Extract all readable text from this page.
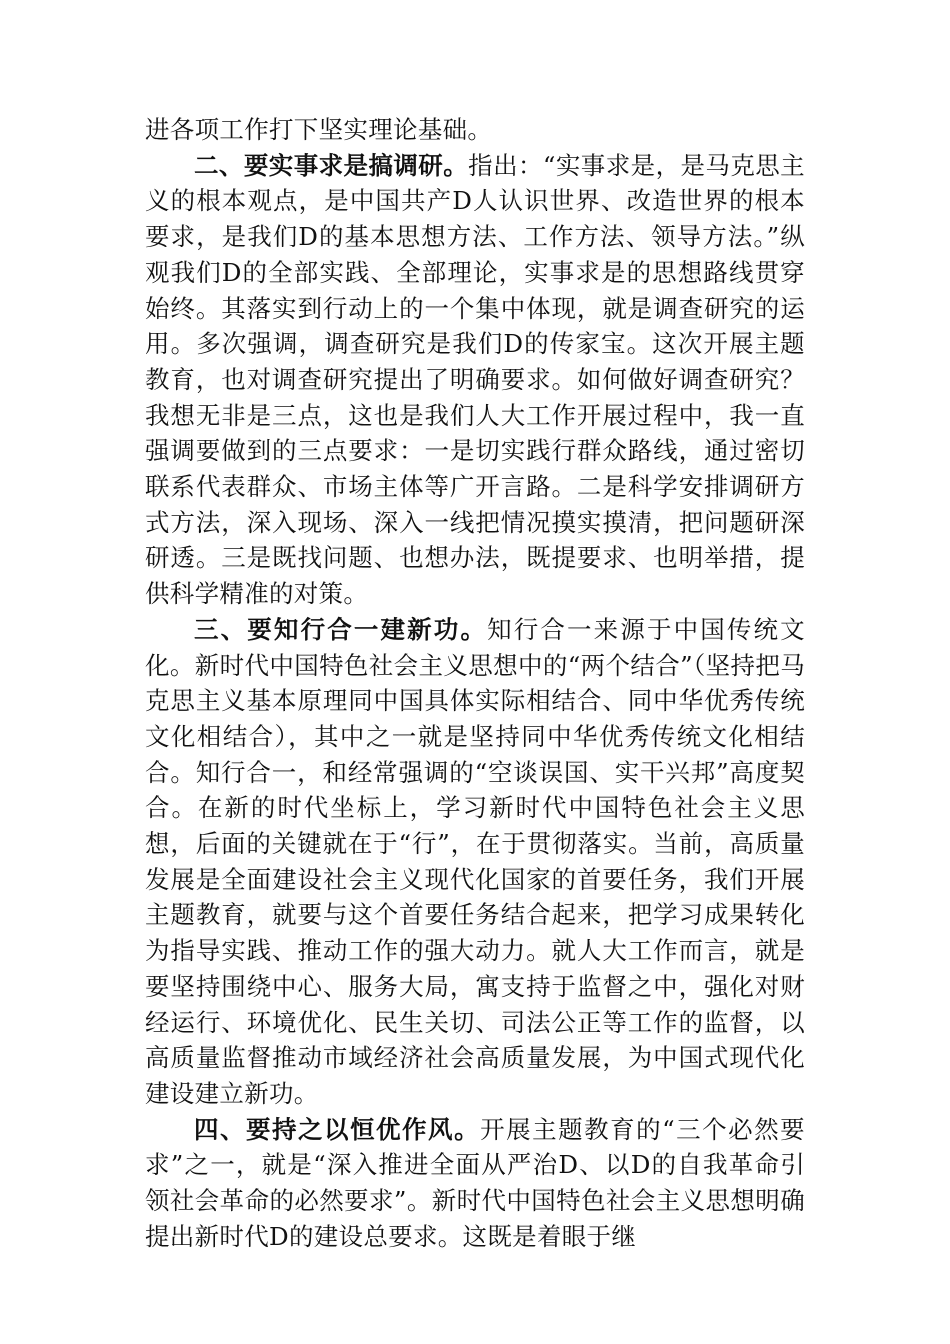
进各项工作打下坚实理论基础。

二、要实事求是搞调研。指出：“实事求是，是马克思主义的根本观点，是中国共产D人认识世界、改造世界的根本要求，是我们D的基本思想方法、工作方法、领导方法。”纵观我们D的全部实践、全部理论，实事求是的思想路线贯穿始终。其落实到行动上的一个集中体现，就是调查研究的运用。多次强调，调查研究是我们D的传家宝。这次开展主题教育，也对调查研究提出了明确要求。如何做好调查研究？我想无非是三点，这也是我们人大工作开展过程中，我一直强调要做到的三点要求：一是切实践行群众路线，通过密切联系代表群众、市场主体等广开言路。二是科学安排调研方式方法，深入现场、深入一线把情况摸实摸清，把问题研深研透。三是既找问题、也想办法，既提要求、也明举措，提供科学精准的对策。

三、要知行合一建新功。知行合一来源于中国传统文化。新时代中国特色社会主义思想中的“两个结合”（坚持把马克思主义基本原理同中国具体实际相结合、同中华优秀传统文化相结合），其中之一就是坚持同中华优秀传统文化相结合。知行合一，和经常强调的“空谈误国、实干兴邦”高度契合。在新的时代坐标上，学习新时代中国特色社会主义思想，后面的关键就在于“行”，在于贯彻落实。当前，高质量发展是全面建设社会主义现代化国家的首要任务，我们开展主题教育，就要与这个首要任务结合起来，把学习成果转化为指导实践、推动工作的强大动力。就人大工作而言，就是要坚持围绕中心、服务大局，寓支持于监督之中，强化对财经运行、环境优化、民生关切、司法公正等工作的监督，以高质量监督推动市域经济社会高质量发展，为中国式现代化建设建立新功。

四、要持之以恒优作风。开展主题教育的“三个必然要求”之一，就是“深入推进全面从严治D、以D的自我革命引领社会革命的必然要求”。新时代中国特色社会主义思想明确提出新时代D的建设总要求。这既是着眼于继
